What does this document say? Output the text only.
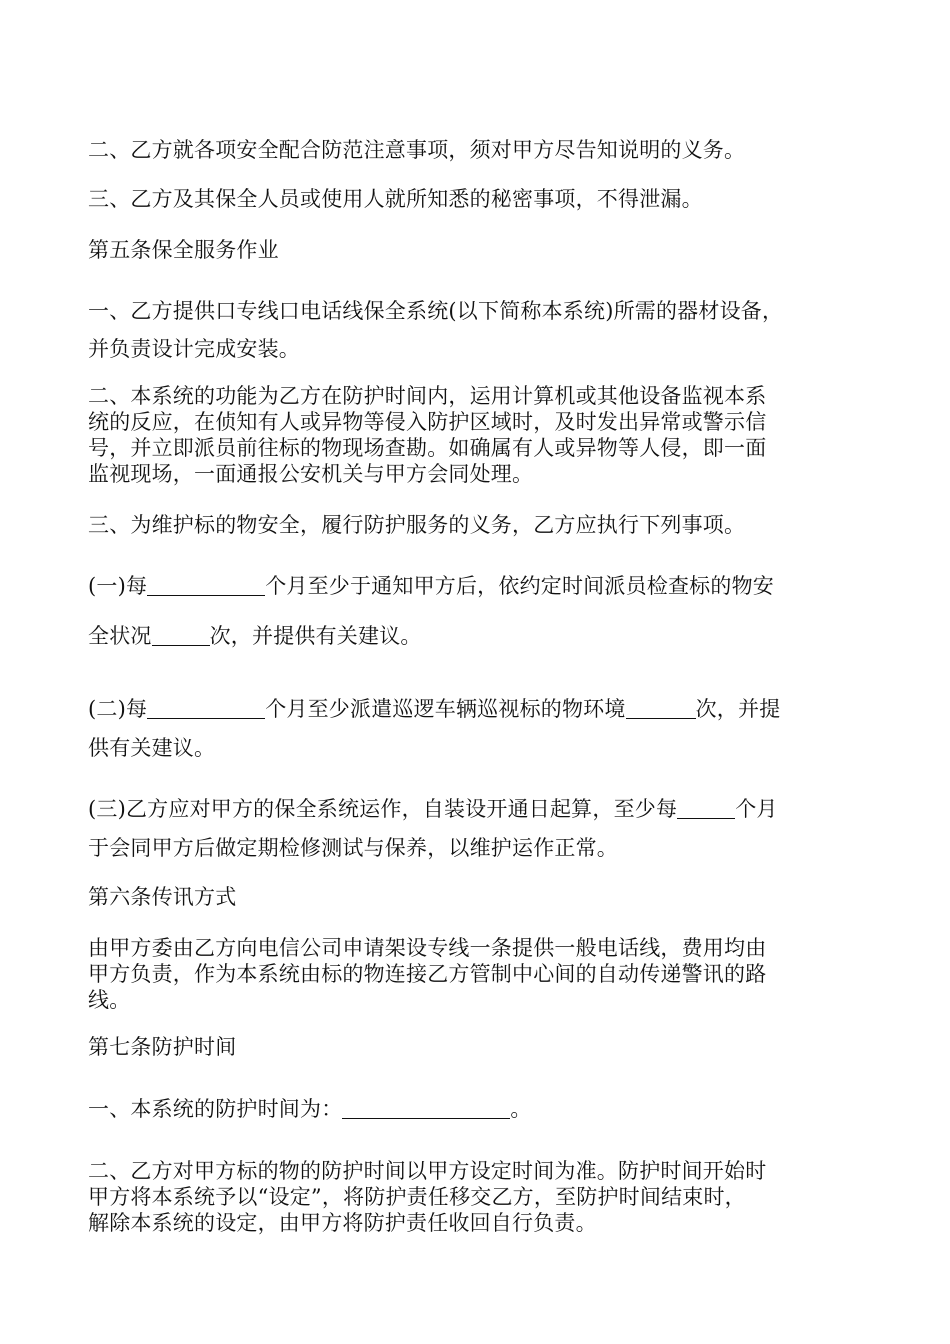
二、乙方就各项安全配合防范注意事项，须对甲方尽告知说明的义务。
三、乙方及其保全人员或使用人就所知悉的秘密事项，不得泄漏。
第五条保全服务作业
一、乙方提供口专线口电话线保全系统(以下简称本系统)所需的器材设备，
并负责设计完成安装。
二、本系统的功能为乙方在防护时间内，运用计算机或其他设备监视本系
统的反应，在侦知有人或异物等侵入防护区域时，及时发出异常或警示信
号，并立即派员前往标的物现场查勘。如确属有人或异物等人侵，即一面
监视现场，一面通报公安机关与甲方会同处理。
三、为维护标的物安全，履行防护服务的义务，乙方应执行下列事项。
(一)每	个月至少于通知甲方后，依约定时间派员检查标的物安
全状况	次，并提供有关建议。
(二)每	个月至少派遣巡逻车辆巡视标的物环境	次，并提
供有关建议。
(三)乙方应对甲方的保全系统运作，自装设开通日起算，至少每	个月
于会同甲方后做定期检修测试与保养，以维护运作正常。
第六条传讯方式
由甲方委由乙方向电信公司申请架设专线一条提供一般电话线，费用均由
甲方负责，作为本系统由标的物连接乙方管制中心间的自动传递警讯的路
线。
第七条防护时间
一、本系统的防护时间为：	。
二、乙方对甲方标的物的防护时间以甲方设定时间为准。防护时间开始时
甲方将本系统予以“设定”，将防护责任移交乙方，至防护时间结束时，
解除本系统的设定，由甲方将防护责任收回自行负责。
